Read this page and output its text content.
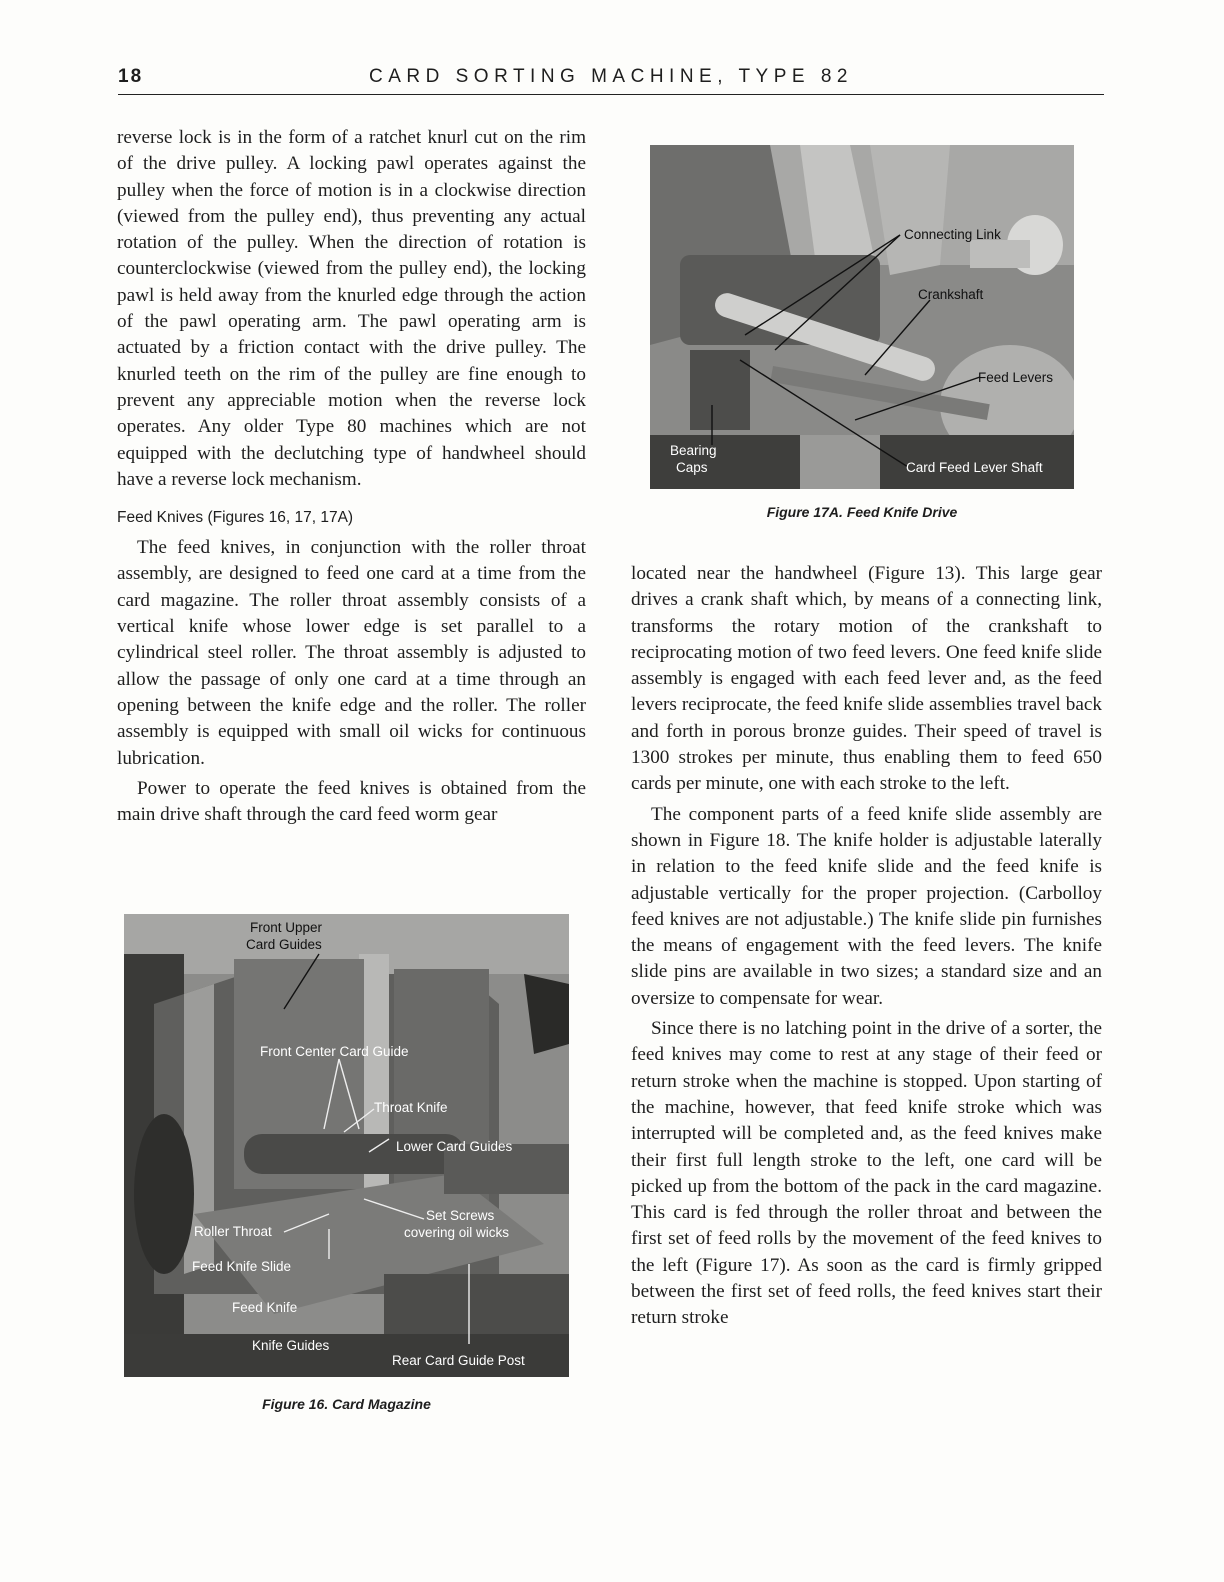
18	CARD SORTING MACHINE, TYPE 82

reverse lock is in the form of a ratchet knurl cut on the rim of the drive pulley. A locking pawl operates against the pulley when the force of motion is in a clockwise direction (viewed from the pulley end), thus preventing any actual rotation of the pulley. When the direction of rotation is counterclockwise (viewed from the pulley end), the locking pawl is held away from the knurled edge through the action of the pawl operating arm. The pawl operating arm is actuated by a friction contact with the drive pulley. The knurled teeth on the rim of the pulley are fine enough to prevent any appreciable motion when the reverse lock operates. Any older Type 80 machines which are not equipped with the declutching type of handwheel should have a reverse lock mechanism.

Feed Knives (Figures 16, 17, 17A)

The feed knives, in conjunction with the roller throat assembly, are designed to feed one card at a time from the card magazine. The roller throat assembly consists of a vertical knife whose lower edge is set parallel to a cylindrical steel roller. The throat assembly is adjusted to allow the passage of only one card at a time through an opening between the knife edge and the roller. The roller assembly is equipped with small oil wicks for continuous lubrication.

Power to operate the feed knives is obtained from the main drive shaft through the card feed worm gear

Connecting Link
Crankshaft
Feed Levers
Bearing
Caps	Card Feed Lever Shaft
Figure 17A. Feed Knife Drive

located near the handwheel (Figure 13). This large gear drives a crank shaft which, by means of a connecting link, transforms the rotary motion of the crankshaft to reciprocating motion of two feed levers. One feed knife slide assembly is engaged with each feed lever and, as the feed levers reciprocate, the feed knife slide assemblies travel back and forth in porous bronze guides. Their speed of travel is 1300 strokes per minute, thus enabling them to feed 650 cards per minute, one with each stroke to the left.

The component parts of a feed knife slide assembly are shown in Figure 18. The knife holder is adjustable laterally in relation to the feed knife slide and the feed knife is adjustable vertically for the proper projection. (Carbolloy feed knives are not adjustable.) The knife slide pin furnishes the means of engagement with the feed levers. The knife slide pins are available in two sizes; a standard size and an oversize to compensate for wear.

Since there is no latching point in the drive of a sorter, the feed knives may come to rest at any stage of their feed or return stroke when the machine is stopped. Upon starting of the machine, however, that feed knife stroke which was interrupted will be completed and, as the feed knives make their first full length stroke to the left, one card will be picked up from the bottom of the pack in the card magazine. This card is fed through the roller throat and between the first set of feed rolls by the movement of the feed knives to the left (Figure 17). As soon as the card is firmly gripped between the first set of feed rolls, the feed knives start their return stroke

Front Upper
Card Guides
Front Center Card Guide
Throat Knife
Lower Card Guides
Set Screws
covering oil wicks
Roller Throat
Feed Knife Slide
Feed Knife
Knife Guides
Rear Card Guide Post
Figure 16. Card Magazine
